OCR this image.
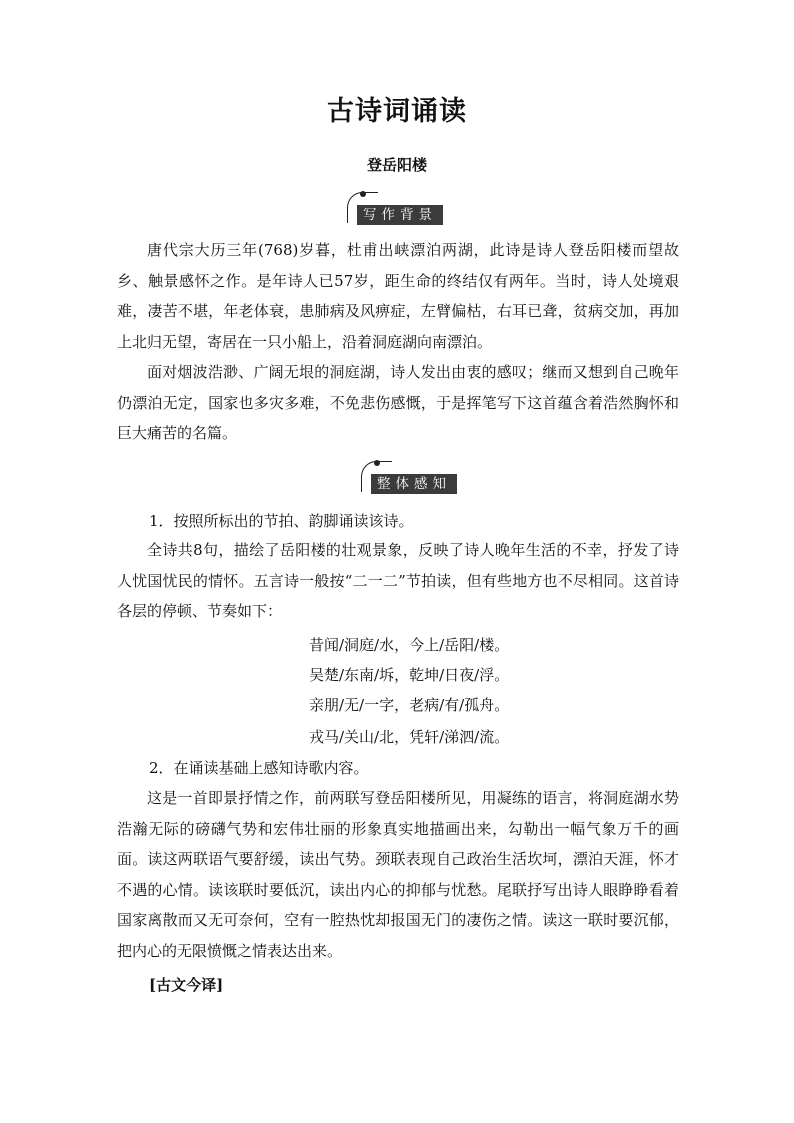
古诗词诵读
登岳阳楼
写作背景

唐代宗大历三年(768)岁暮，杜甫出峡漂泊两湖，此诗是诗人登岳阳楼而望故乡、触景感怀之作。是年诗人已57岁，距生命的终结仅有两年。当时，诗人处境艰难，凄苦不堪，年老体衰，患肺病及风痹症，左臂偏枯，右耳已聋，贫病交加，再加上北归无望，寄居在一只小船上，沿着洞庭湖向南漂泊。

面对烟波浩渺、广阔无垠的洞庭湖，诗人发出由衷的感叹；继而又想到自己晚年仍漂泊无定，国家也多灾多难，不免悲伤感慨，于是挥笔写下这首蕴含着浩然胸怀和巨大痛苦的名篇。

整体感知

1．按照所标出的节拍、韵脚诵读该诗。

全诗共8句，描绘了岳阳楼的壮观景象，反映了诗人晚年生活的不幸，抒发了诗人忧国忧民的情怀。五言诗一般按“二一二”节拍读，但有些地方也不尽相同。这首诗各层的停顿、节奏如下：

昔闻/洞庭/水，今上/岳阳/楼。

吴楚/东南/坼，乾坤/日夜/浮。

亲朋/无/一字，老病/有/孤舟。

戎马/关山/北，凭轩/涕泗/流。

2．在诵读基础上感知诗歌内容。

这是一首即景抒情之作，前两联写登岳阳楼所见，用凝练的语言，将洞庭湖水势浩瀚无际的磅礴气势和宏伟壮丽的形象真实地描画出来，勾勒出一幅气象万千的画面。读这两联语气要舒缓，读出气势。颈联表现自己政治生活坎坷，漂泊天涯，怀才不遇的心情。读该联时要低沉，读出内心的抑郁与忧愁。尾联抒写出诗人眼睁睁看着国家离散而又无可奈何，空有一腔热忱却报国无门的凄伤之情。读这一联时要沉郁，把内心的无限愤慨之情表达出来。

[古文今译]
